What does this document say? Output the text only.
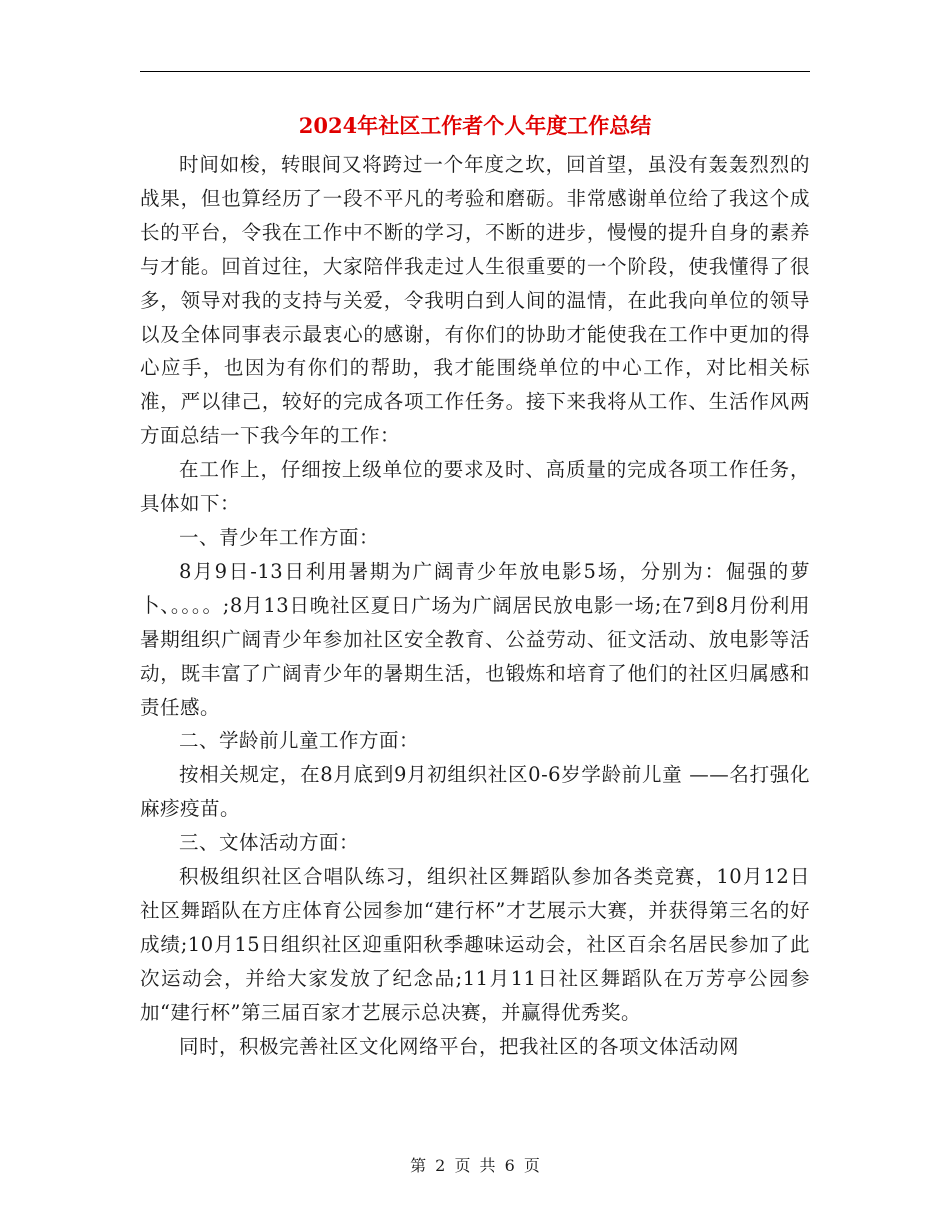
2024年社区工作者个人年度工作总结

时间如梭，转眼间又将跨过一个年度之坎，回首望，虽没有轰轰烈烈的战果，但也算经历了一段不平凡的考验和磨砺。非常感谢单位给了我这个成长的平台，令我在工作中不断的学习，不断的进步，慢慢的提升自身的素养与才能。回首过往，大家陪伴我走过人生很重要的一个阶段，使我懂得了很多，领导对我的支持与关爱，令我明白到人间的温情，在此我向单位的领导以及全体同事表示最衷心的感谢，有你们的协助才能使我在工作中更加的得心应手，也因为有你们的帮助，我才能围绕单位的中心工作，对比相关标准，严以律己，较好的完成各项工作任务。接下来我将从工作、生活作风两方面总结一下我今年的工作：

在工作上，仔细按上级单位的要求及时、高质量的完成各项工作任务，具体如下：

一、青少年工作方面：

8月9日-13日利用暑期为广阔青少年放电影5场，分别为：倔强的萝卜、。。。。;8月13日晚社区夏日广场为广阔居民放电影一场;在7到8月份利用暑期组织广阔青少年参加社区安全教育、公益劳动、征文活动、放电影等活动，既丰富了广阔青少年的暑期生活，也锻炼和培育了他们的社区归属感和责任感。

二、学龄前儿童工作方面：

按相关规定，在8月底到9月初组织社区0-6岁学龄前儿童 ——名打强化麻疹疫苗。

三、文体活动方面：

积极组织社区合唱队练习，组织社区舞蹈队参加各类竞赛，10月12日社区舞蹈队在方庄体育公园参加“建行杯”才艺展示大赛，并获得第三名的好成绩;10月15日组织社区迎重阳秋季趣味运动会，社区百余名居民参加了此次运动会，并给大家发放了纪念品;11月11日社区舞蹈队在万芳亭公园参加“建行杯”第三届百家才艺展示总决赛，并赢得优秀奖。

同时，积极完善社区文化网络平台，把我社区的各项文体活动网

第 2 页 共 6 页
